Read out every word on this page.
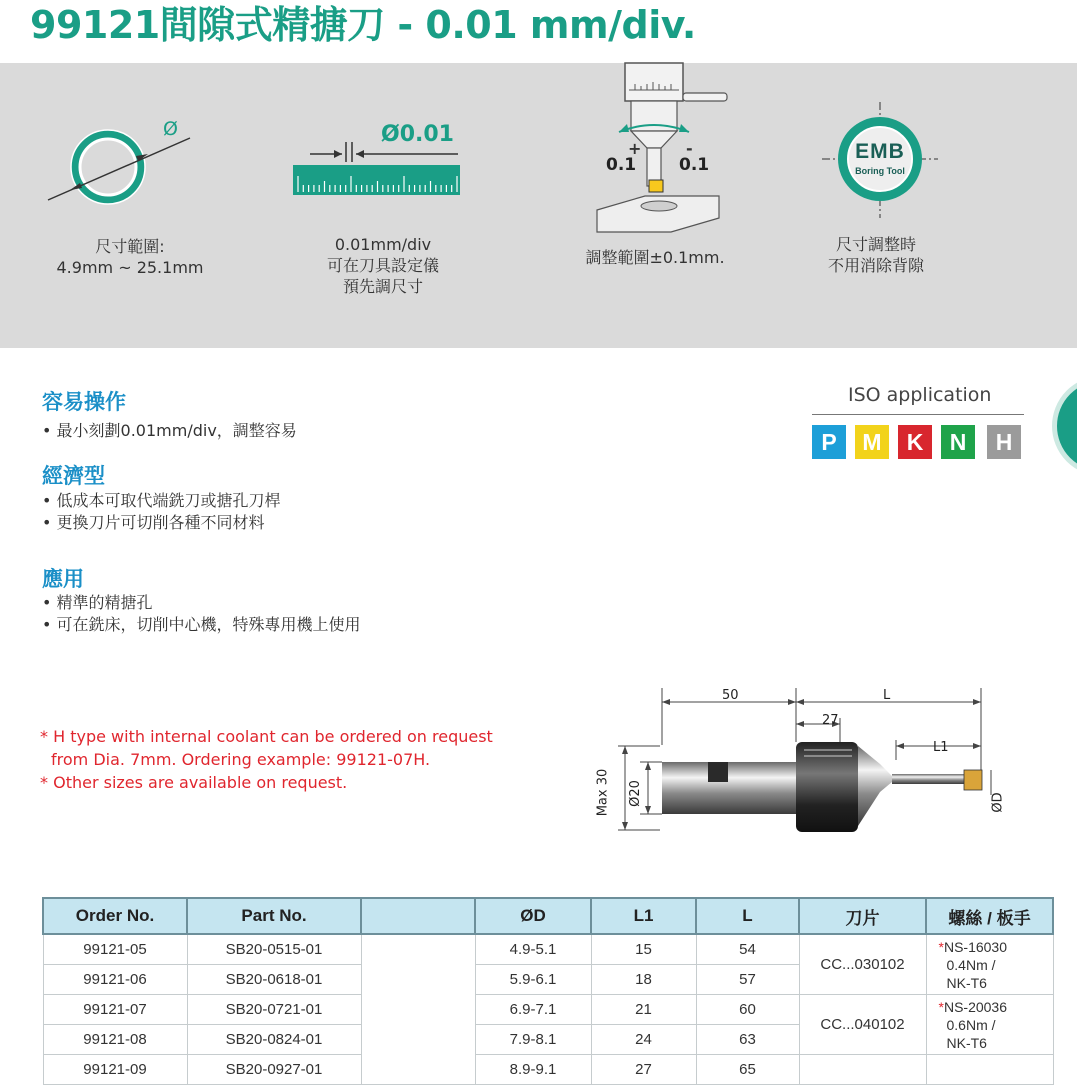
99121間隙式精搪刀 - 0.01 mm/div.
Ø
尺寸範圍:
4.9mm ~ 25.1mm
Ø0.01
0.01mm/div
可在刀具設定儀
預先調尺寸
+	-
0.1	0.1
調整範圍±0.1mm.
EMB
Boring Tool
尺寸調整時
不用消除背隙
容易操作
• 最小刻劃0.01mm/div，調整容易
經濟型
• 低成本可取代端銑刀或搪孔刀桿
• 更換刀片可切削各種不同材料
應用
• 精準的精搪孔
• 可在銑床，切削中心機，特殊專用機上使用
ISO application
P	M	K	N	H
* H type with internal coolant can be ordered on request
from Dia. 7mm. Ordering example: 99121-07H.
* Other sizes are available on request.
50	L
27
L1
Max 30 Ø20	ØD
Order No.	Part No.		ØD	L1	L	刀片	螺絲 / 板手
99121-05	SB20-0515-01		4.9-5.1	15	54	CC...030102	*NS-16030
0.4Nm /
NK-T6

99121-06	SB20-0618-01		5.9-6.1	18	57		
99121-07	SB20-0721-01		6.9-7.1	21	60	CC...040102	*NS-20036
0.6Nm /
NK-T6

99121-08	SB20-0824-01		7.9-8.1	24	63		
99121-09	SB20-0927-01		8.9-9.1	27	65		
